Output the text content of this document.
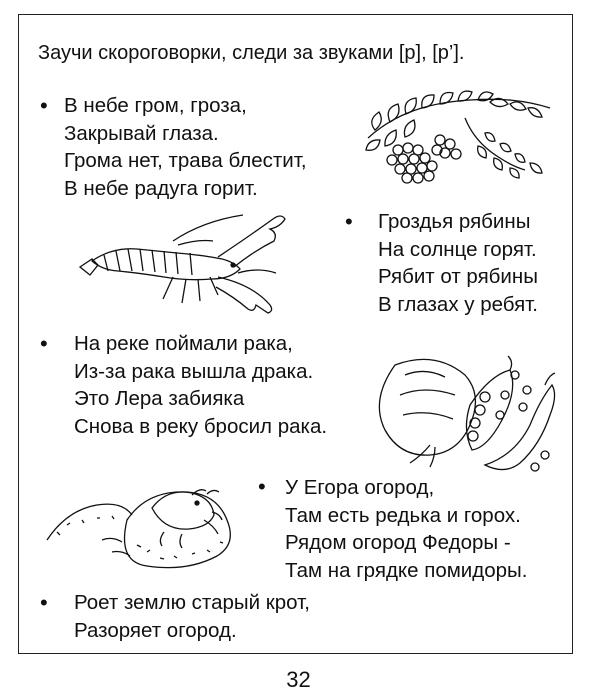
Заучи скороговорки, следи за звуками [р], [р’].
• В небе гром, гроза,
Закрывай глаза.
Грома нет, трава блестит,
В небе радуга горит.
• Гроздья рябины
На солнце горят.
Рябит от рябины
В глазах у ребят.
• На реке поймали рака,
Из-за рака вышла драка.
Это Лера забияка
Снова в реку бросил рака.
• У Егора огород,
Там есть редька и горох.
Рядом огород Федоры -
Там на грядке помидоры.
• Роет землю старый крот,
Разоряет огород.
32
